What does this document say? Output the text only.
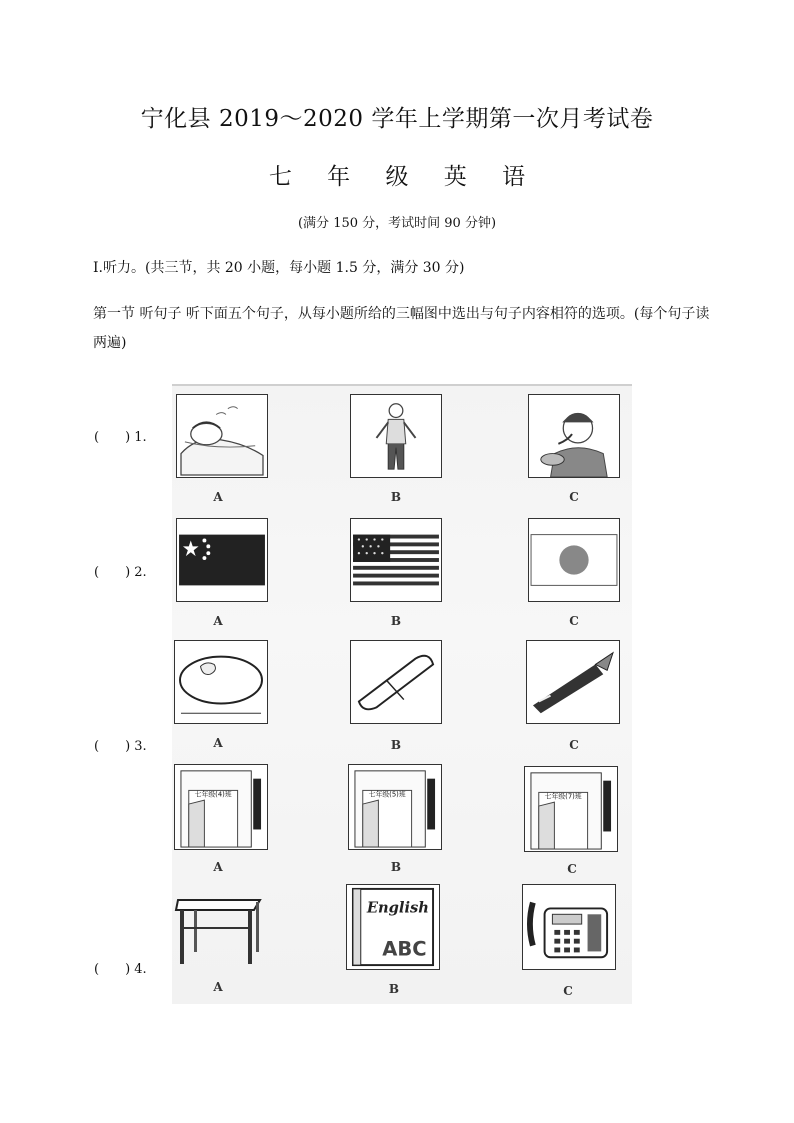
宁化县 2019～2020 学年上学期第一次月考试卷
七 年 级 英 语
(满分 150 分，考试时间 90 分钟)
I.听力。(共三节，共 20 小题，每小题 1.5 分，满分 30 分)
第一节 听句子 听下面五个句子，从每小题所给的三幅图中选出与句子内容相符的选项。(每个句子读两遍)
(　　) 1.
(　　) 2.
(　　) 3.
(　　) 4.
A	B	C
A	B	C
A	B	C
七年级(4)班
A
七年级(5)班
B
七年级(7)班
C
A
English
ABC
B	C
